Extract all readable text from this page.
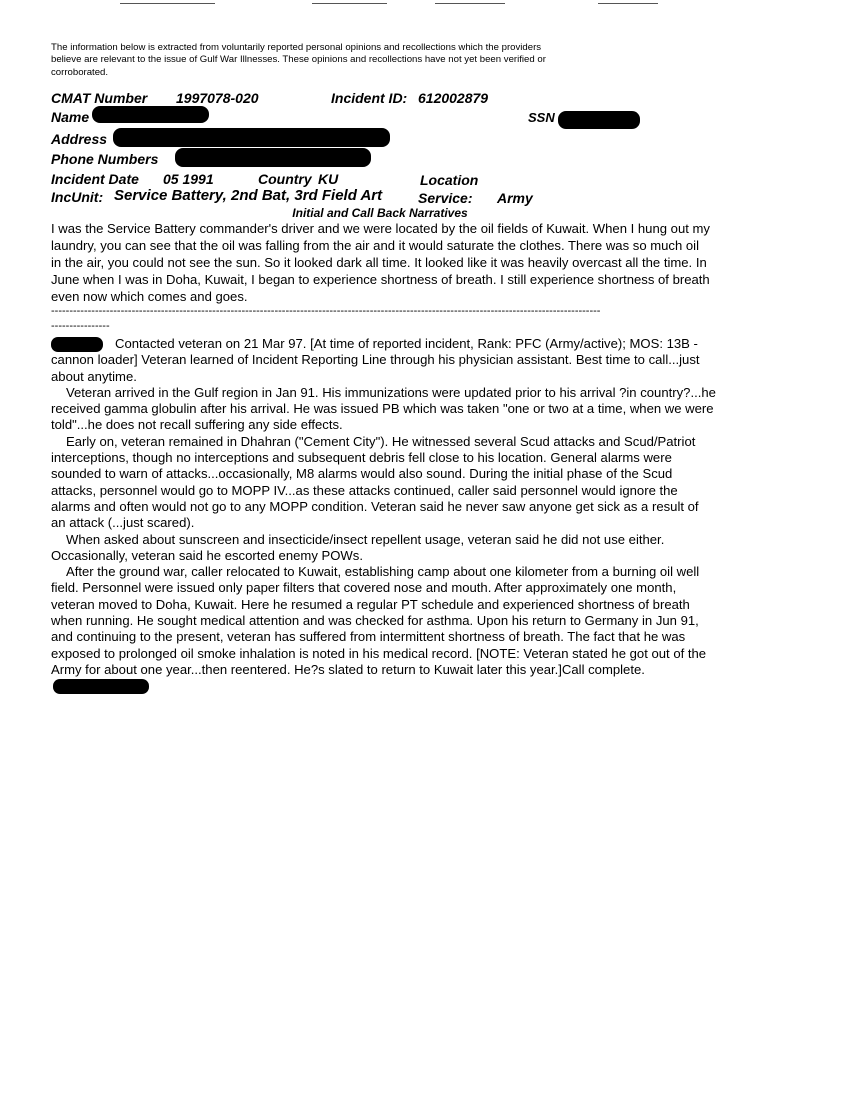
The information below is extracted from voluntarily reported personal opinions and recollections which the providers believe are relevant to the issue of Gulf War Illnesses. These opinions and recollections have not yet been verified or corroborated.

CMAT Number 1997078-020	Incident ID: 612002879
Name	SSN
Address
Phone Numbers
Incident Date 05 1991	Country KU	Location
IncUnit: Service Battery, 2nd Bat, 3rd Field Art	Service: Army
Initial and Call Back Narratives

I was the Service Battery commander's driver and we were located by the oil fields of Kuwait. When I hung out my laundry, you can see that the oil was falling from the air and it would saturate the clothes. There was so much oil in the air, you could not see the sun. So it looked dark all time. It looked like it was heavily overcast all the time. In June when I was in Doha, Kuwait, I began to experience shortness of breath. I still experience shortness of breath even now which comes and goes.

------------------------------------------------------------------------------------------------------------------------------------------------------
----------------

Contacted veteran on 21 Mar 97. [At time of reported incident, Rank: PFC (Army/active); MOS: 13B - cannon loader] Veteran learned of Incident Reporting Line through his physician assistant. Best time to call...just about anytime.

Veteran arrived in the Gulf region in Jan 91. His immunizations were updated prior to his arrival ?in country?...he received gamma globulin after his arrival. He was issued PB which was taken "one or two at a time, when we were told"...he does not recall suffering any side effects.

Early on, veteran remained in Dhahran ("Cement City"). He witnessed several Scud attacks and Scud/Patriot interceptions, though no interceptions and subsequent debris fell close to his location. General alarms were sounded to warn of attacks...occasionally, M8 alarms would also sound. During the initial phase of the Scud attacks, personnel would go to MOPP IV...as these attacks continued, caller said personnel would ignore the alarms and often would not go to any MOPP condition. Veteran said he never saw anyone get sick as a result of an attack (...just scared).

When asked about sunscreen and insecticide/insect repellent usage, veteran said he did not use either. Occasionally, veteran said he escorted enemy POWs.

After the ground war, caller relocated to Kuwait, establishing camp about one kilometer from a burning oil well field. Personnel were issued only paper filters that covered nose and mouth. After approximately one month, veteran moved to Doha, Kuwait. Here he resumed a regular PT schedule and experienced shortness of breath when running. He sought medical attention and was checked for asthma. Upon his return to Germany in Jun 91, and continuing to the present, veteran has suffered from intermittent shortness of breath. The fact that he was exposed to prolonged oil smoke inhalation is noted in his medical record. [NOTE: Veteran stated he got out of the Army for about one year...then reentered. He?s slated to return to Kuwait later this year.]Call complete.
